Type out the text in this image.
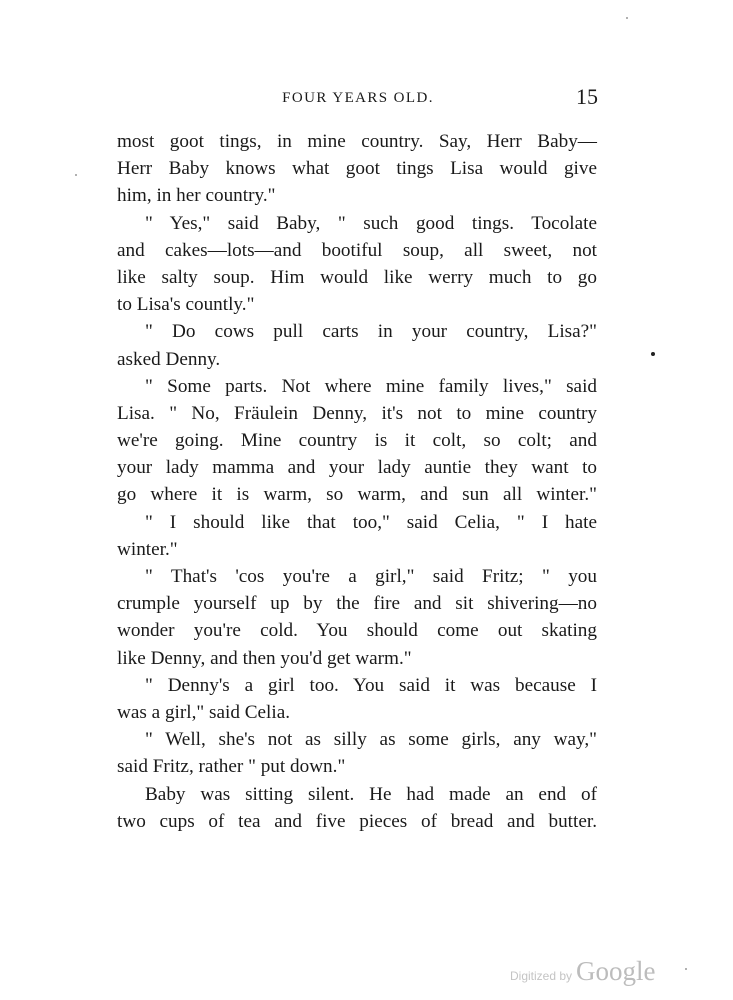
FOUR YEARS OLD.	15
most goot tings, in mine country. Say, Herr Baby—
Herr Baby knows what goot tings Lisa would give
him, in her country."
" Yes," said Baby, " such good tings. Tocolate
and cakes—lots—and bootiful soup, all sweet, not
like salty soup. Him would like werry much to go
to Lisa's countly."
" Do cows pull carts in your country, Lisa?"
asked Denny.
" Some parts. Not where mine family lives," said
Lisa. " No, Fräulein Denny, it's not to mine country
we're going. Mine country is it colt, so colt; and
your lady mamma and your lady auntie they want to
go where it is warm, so warm, and sun all winter."
" I should like that too," said Celia, " I hate
winter."
" That's 'cos you're a girl," said Fritz; " you
crumple yourself up by the fire and sit shivering—no
wonder you're cold. You should come out skating
like Denny, and then you'd get warm."
" Denny's a girl too. You said it was because I
was a girl," said Celia.
" Well, she's not as silly as some girls, any way,"
said Fritz, rather " put down."
Baby was sitting silent. He had made an end of
two cups of tea and five pieces of bread and butter.
Digitized by Google
